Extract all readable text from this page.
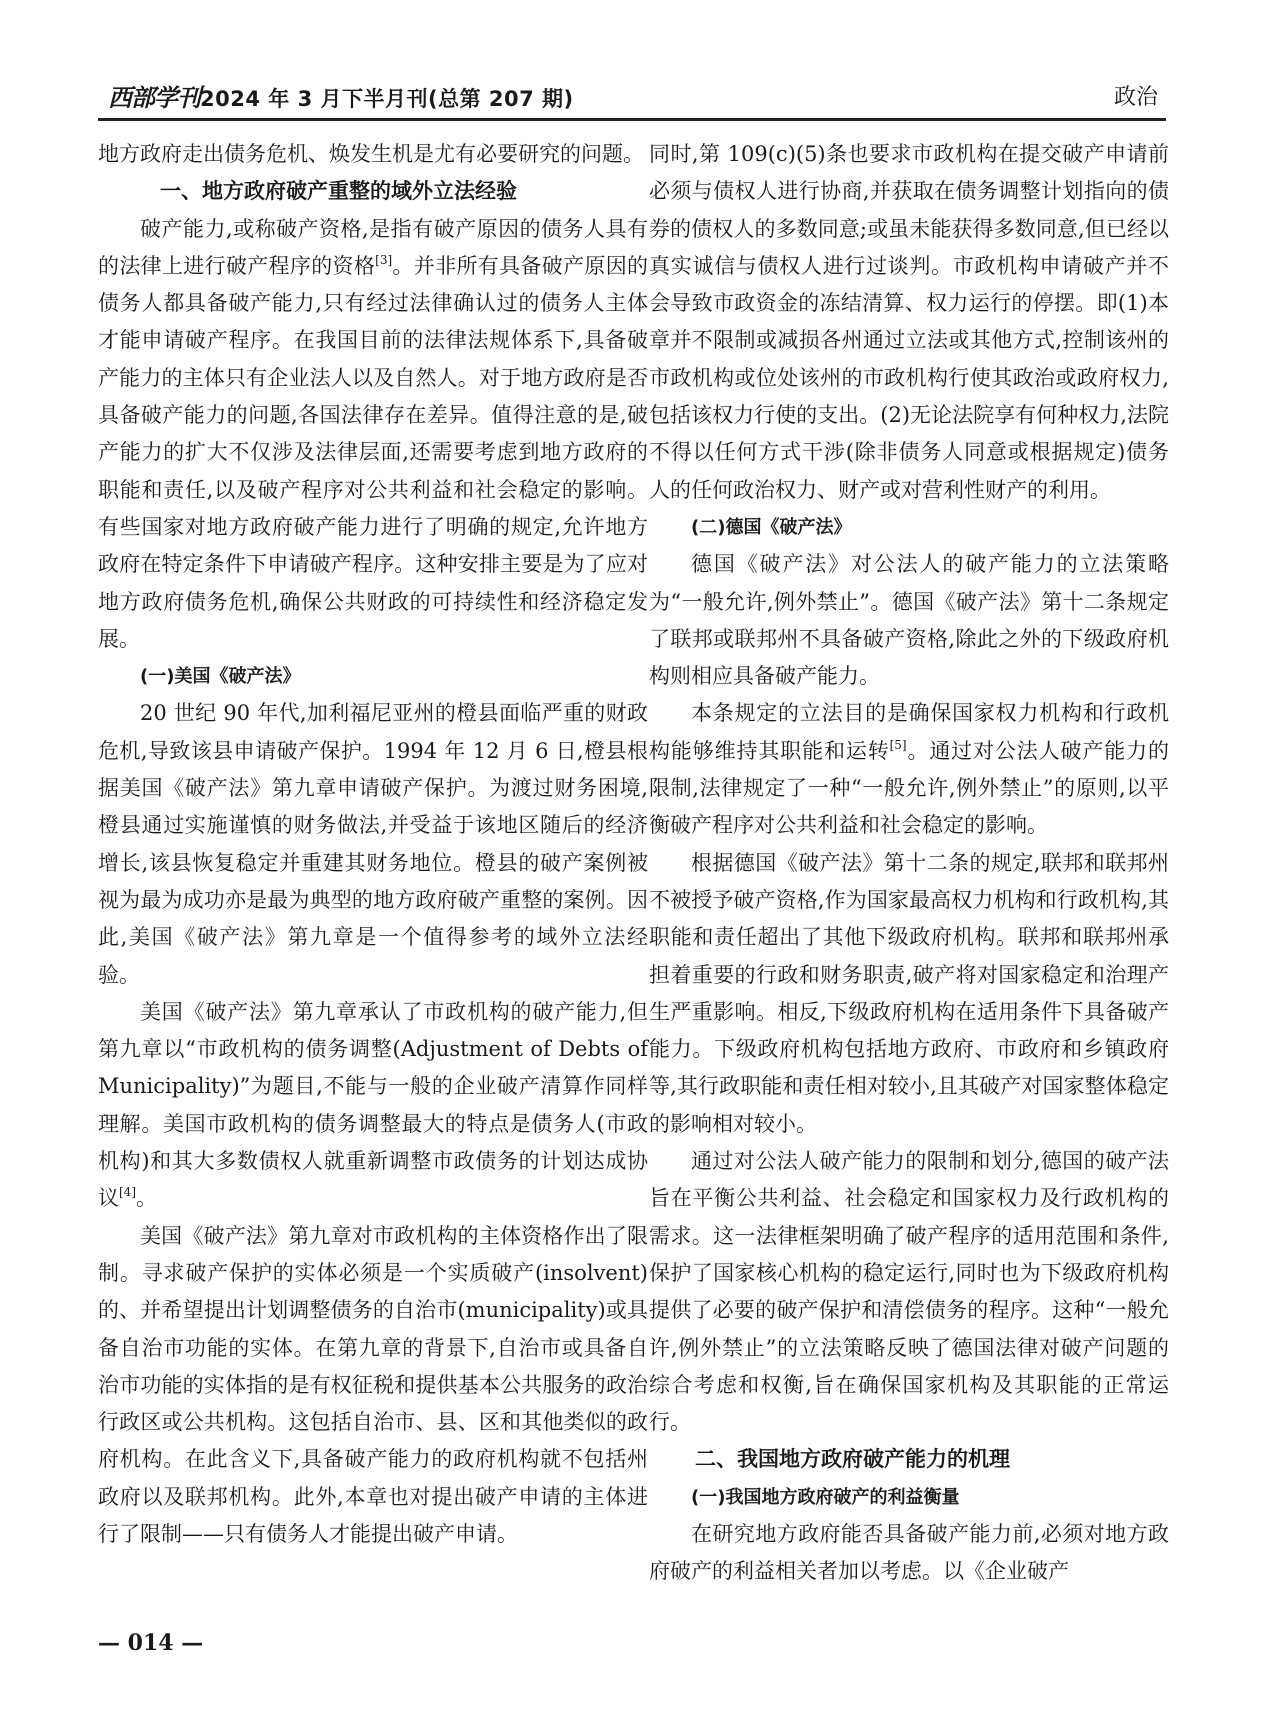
西部学刊2024 年 3 月下半月刊(总第 207 期)	政治

地方政府走出债务危机、焕发生机是尤有必要研究的问题。

一、地方政府破产重整的域外立法经验

破产能力,或称破产资格,是指有破产原因的债务人具有的法律上进行破产程序的资格[3]。并非所有具备破产原因的债务人都具备破产能力,只有经过法律确认过的债务人主体才能申请破产程序。在我国目前的法律法规体系下,具备破产能力的主体只有企业法人以及自然人。对于地方政府是否具备破产能力的问题,各国法律存在差异。值得注意的是,破产能力的扩大不仅涉及法律层面,还需要考虑到地方政府的职能和责任,以及破产程序对公共利益和社会稳定的影响。有些国家对地方政府破产能力进行了明确的规定,允许地方政府在特定条件下申请破产程序。这种安排主要是为了应对地方政府债务危机,确保公共财政的可持续性和经济稳定发展。

(一)美国《破产法》

20 世纪 90 年代,加利福尼亚州的橙县面临严重的财政危机,导致该县申请破产保护。1994 年 12 月 6 日,橙县根据美国《破产法》第九章申请破产保护。为渡过财务困境,橙县通过实施谨慎的财务做法,并受益于该地区随后的经济增长,该县恢复稳定并重建其财务地位。橙县的破产案例被视为最为成功亦是最为典型的地方政府破产重整的案例。因此,美国《破产法》第九章是一个值得参考的域外立法经验。

美国《破产法》第九章承认了市政机构的破产能力,但第九章以“市政机构的债务调整(Adjustment of Debts of Municipality)”为题目,不能与一般的企业破产清算作同样理解。美国市政机构的债务调整最大的特点是债务人(市政机构)和其大多数债权人就重新调整市政债务的计划达成协议[4]。

美国《破产法》第九章对市政机构的主体资格作出了限制。寻求破产保护的实体必须是一个实质破产(insolvent)的、并希望提出计划调整债务的自治市(municipality)或具备自治市功能的实体。在第九章的背景下,自治市或具备自治市功能的实体指的是有权征税和提供基本公共服务的政治行政区或公共机构。这包括自治市、县、区和其他类似的政府机构。在此含义下,具备破产能力的政府机构就不包括州政府以及联邦机构。此外,本章也对提出破产申请的主体进行了限制——只有债务人才能提出破产申请。

同时,第 109(c)(5)条也要求市政机构在提交破产申请前必须与债权人进行协商,并获取在债务调整计划指向的债券的债权人的多数同意;或虽未能获得多数同意,但已经以真实诚信与债权人进行过谈判。市政机构申请破产并不会导致市政资金的冻结清算、权力运行的停摆。即(1)本章并不限制或减损各州通过立法或其他方式,控制该州的市政机构或位处该州的市政机构行使其政治或政府权力,包括该权力行使的支出。(2)无论法院享有何种权力,法院不得以任何方式干涉(除非债务人同意或根据规定)债务人的任何政治权力、财产或对营利性财产的利用。

(二)德国《破产法》

德国《破产法》对公法人的破产能力的立法策略为“一般允许,例外禁止”。德国《破产法》第十二条规定了联邦或联邦州不具备破产资格,除此之外的下级政府机构则相应具备破产能力。

本条规定的立法目的是确保国家权力机构和行政机构能够维持其职能和运转[5]。通过对公法人破产能力的限制,法律规定了一种“一般允许,例外禁止”的原则,以平衡破产程序对公共利益和社会稳定的影响。

根据德国《破产法》第十二条的规定,联邦和联邦州不被授予破产资格,作为国家最高权力机构和行政机构,其职能和责任超出了其他下级政府机构。联邦和联邦州承担着重要的行政和财务职责,破产将对国家稳定和治理产生严重影响。相反,下级政府机构在适用条件下具备破产能力。下级政府机构包括地方政府、市政府和乡镇政府等,其行政职能和责任相对较小,且其破产对国家整体稳定的影响相对较小。

通过对公法人破产能力的限制和划分,德国的破产法旨在平衡公共利益、社会稳定和国家权力及行政机构的需求。这一法律框架明确了破产程序的适用范围和条件,保护了国家核心机构的稳定运行,同时也为下级政府机构提供了必要的破产保护和清偿债务的程序。这种“一般允许,例外禁止”的立法策略反映了德国法律对破产问题的综合考虑和权衡,旨在确保国家机构及其职能的正常运行。

二、我国地方政府破产能力的机理
(一)我国地方政府破产的利益衡量

在研究地方政府能否具备破产能力前,必须对地方政府破产的利益相关者加以考虑。以《企业破产

— 014 —
